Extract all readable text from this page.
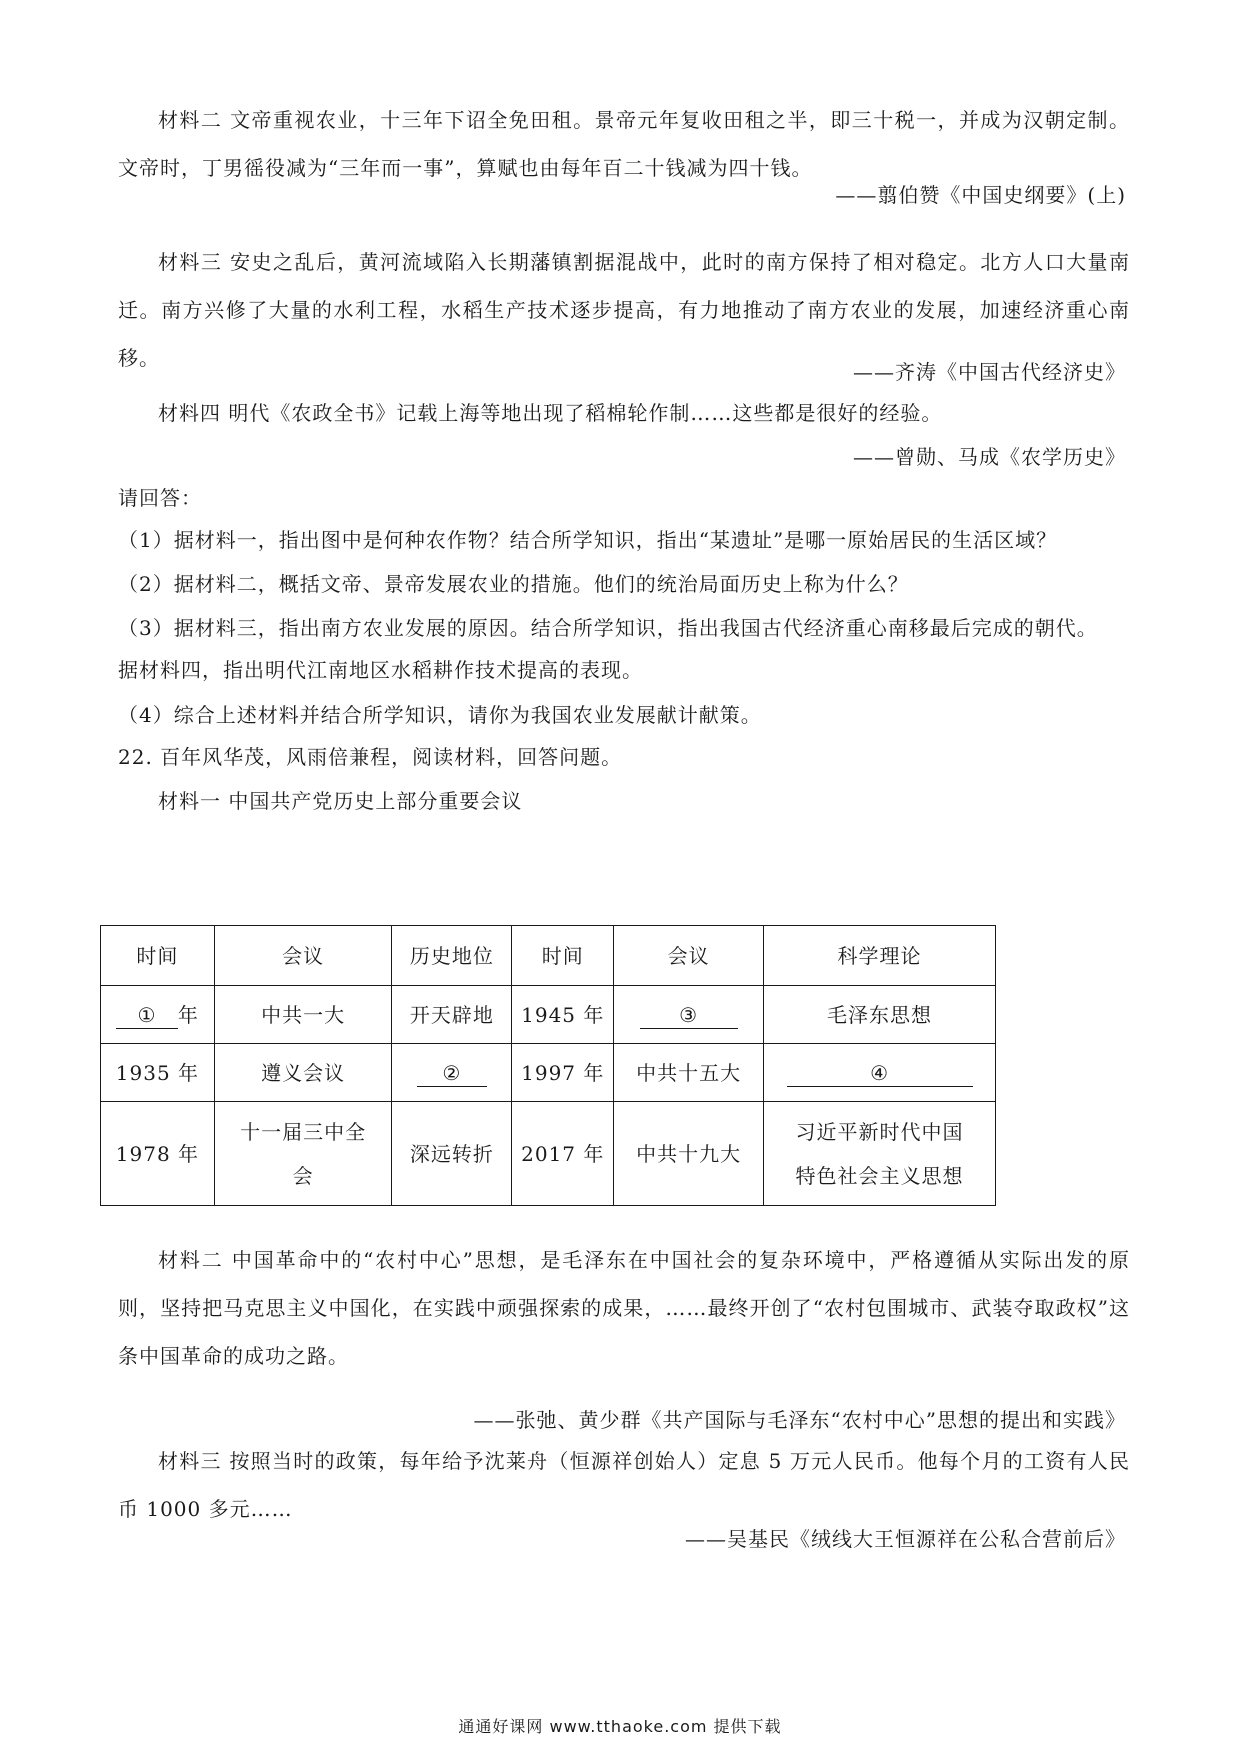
材料二 文帝重视农业，十三年下诏全免田租。景帝元年复收田租之半，即三十税一，并成为汉朝定制。文帝时，丁男徭役减为“三年而一事”，算赋也由每年百二十钱减为四十钱。

——翦伯赞《中国史纲要》(上)

材料三 安史之乱后，黄河流域陷入长期藩镇割据混战中，此时的南方保持了相对稳定。北方人口大量南迁。南方兴修了大量的水利工程，水稻生产技术逐步提高，有力地推动了南方农业的发展，加速经济重心南移。

——齐涛《中国古代经济史》

材料四 明代《农政全书》记载上海等地出现了稻棉轮作制……这些都是很好的经验。

——曾勋、马成《农学历史》
请回答：
（1）据材料一，指出图中是何种农作物？结合所学知识，指出“某遗址”是哪一原始居民的生活区域？
（2）据材料二，概括文帝、景帝发展农业的措施。他们的统治局面历史上称为什么？
（3）据材料三，指出南方农业发展的原因。结合所学知识，指出我国古代经济重心南移最后完成的朝代。
据材料四，指出明代江南地区水稻耕作技术提高的表现。
（4）综合上述材料并结合所学知识，请你为我国农业发展献计献策。
22. 百年风华茂，风雨倍兼程，阅读材料，回答问题。
材料一 中国共产党历史上部分重要会议
时间	会议	历史地位	时间	会议	科学理论
① 年	中共一大	开天辟地	1945 年	③	毛泽东思想
1935 年	遵义会议	②	1997 年	中共十五大	④
1978 年	十一届三中全会	深远转折	2017 年	中共十九大	习近平新时代中国特色社会主义思想

材料二 中国革命中的“农村中心”思想，是毛泽东在中国社会的复杂环境中，严格遵循从实际出发的原则，坚持把马克思主义中国化，在实践中顽强探索的成果，……最终开创了“农村包围城市、武装夺取政权”这条中国革命的成功之路。

——张弛、黄少群《共产国际与毛泽东“农村中心”思想的提出和实践》

材料三 按照当时的政策，每年给予沈莱舟（恒源祥创始人）定息 5 万元人民币。他每个月的工资有人民币 1000 多元……

——吴基民《绒线大王恒源祥在公私合营前后》
通通好课网 www.tthaoke.com 提供下载
